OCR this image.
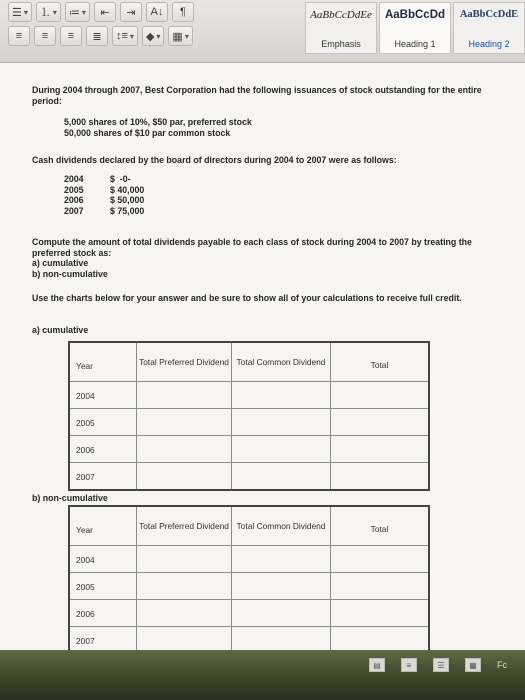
☰ ▾ ⒈ ▾ ≔ ▾ ⇤ ⇥ A↓ ¶
≡ ≡ ≡ ≣ ↕≡ ▾ ◆ ▾ ▦ ▾
AaBbCcDdEe
Emphasis
AaBbCcDd
Heading 1
AaBbCcDdE
Heading 2
During 2004 through 2007, Best Corporation had the following issuances of stock outstanding for the entire period:
5,000 shares of 10%, $50 par, preferred stock
50,000 shares of $10 par common stock
Cash dividends declared by the board of directors during 2004 to 2007 were as follows:
2004	$  -0-
2005	$ 40,000
2006	$ 50,000
2007	$ 75,000
Compute the amount of total dividends payable to each class of stock during 2004 to 2007 by treating the preferred stock as:
a) cumulative
b) non-cumulative
Use the charts below for your answer and be sure to show all of your calculations to receive full credit.
a) cumulative
Year	Total Preferred Dividend	Total Common Dividend	Total
2004			
2005			
2006			
2007			
b) non-cumulative
Year	Total Preferred Dividend	Total Common Dividend	Total
2004			
2005			
2006			
2007			
▤	≡	☰	▦	Fc
